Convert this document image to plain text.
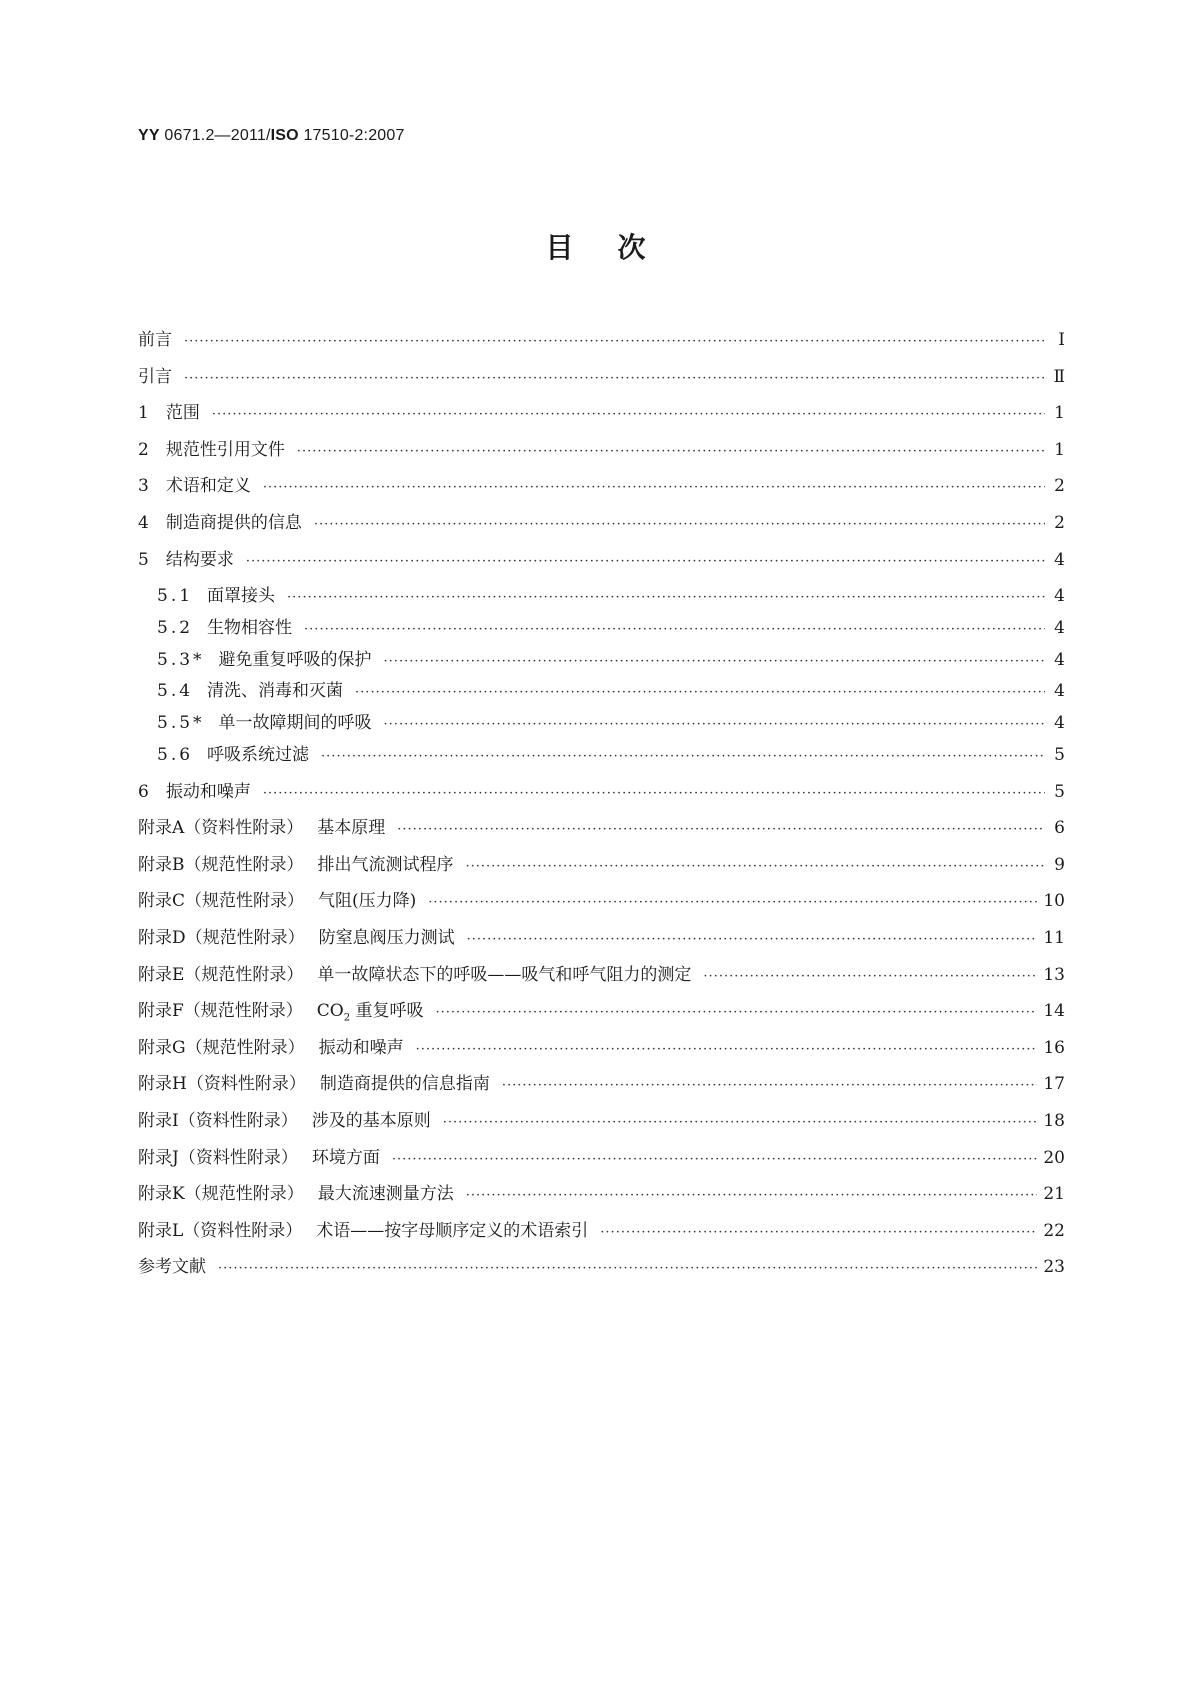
YY 0671.2—2011/ISO 17510-2:2007
目次
前言 ·····	Ⅰ
引言 ·····	Ⅱ
1 范围 ·····	1
2 规范性引用文件 ·····	1
3 术语和定义 ·····	2
4 制造商提供的信息 ·····	2
5 结构要求 ·····	4
5.1 面罩接头 ·····	4
5.2 生物相容性 ·····	4
5.3* 避免重复呼吸的保护 ·····	4
5.4 清洗、消毒和灭菌 ·····	4
5.5* 单一故障期间的呼吸 ·····	4
5.6 呼吸系统过滤 ·····	5
6 振动和噪声 ·····	5
附录A（资料性附录） 基本原理 ·····	6
附录B（规范性附录） 排出气流测试程序 ·····	9
附录C（规范性附录） 气阻(压力降) ·····	10
附录D（规范性附录） 防窒息阀压力测试 ·····	11
附录E（规范性附录） 单一故障状态下的呼吸——吸气和呼气阻力的测定 ·····	13
附录F（规范性附录） $CO_2$ 重复呼吸 ·····	14
附录G（规范性附录） 振动和噪声 ·····	16
附录H（资料性附录） 制造商提供的信息指南 ·····	17
附录I（资料性附录） 涉及的基本原则 ·····	18
附录J（资料性附录） 环境方面 ·····	20
附录K（规范性附录） 最大流速测量方法 ·····	21
附录L（资料性附录） 术语——按字母顺序定义的术语索引 ·····	22
参考文献 ·····	23
